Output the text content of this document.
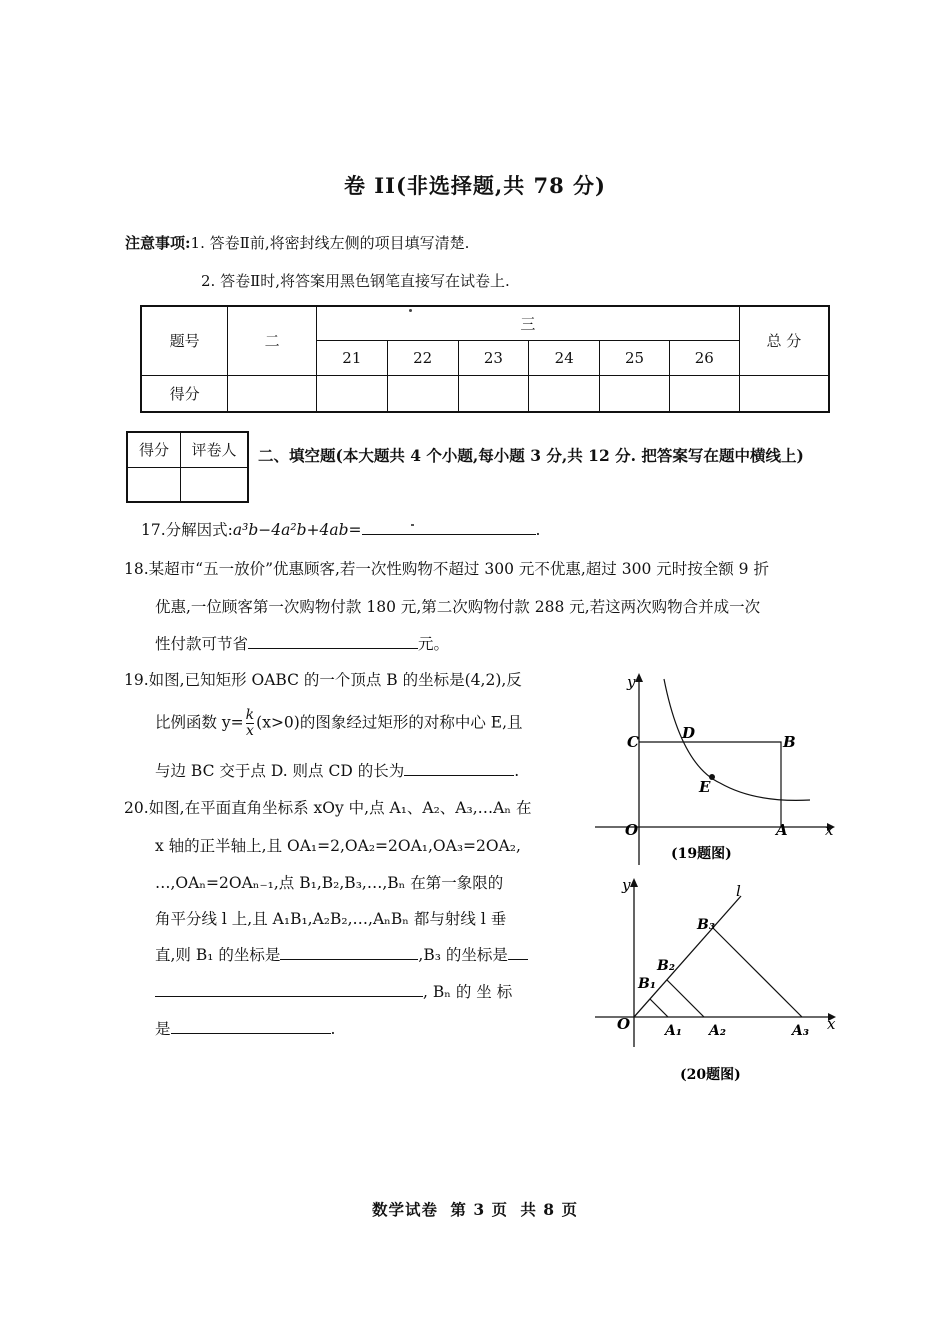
卷 II(非选择题,共 78 分)
注意事项:1. 答卷Ⅱ前,将密封线左侧的项目填写清楚.
2. 答卷Ⅱ时,将答案用黑色钢笔直接写在试卷上.
题号	二	三						总 分
		21	22	23	24	25	26	
得分								
得分	评卷人
	二、填空题(本大题共 4 个小题,每小题 3 分,共 12 分. 把答案写在题中横线上)
17.分解因式:a³b−4a²b+4ab=	.
18.某超市“五一放价”优惠顾客,若一次性购物不超过 300 元不优惠,超过 300 元时按全额 9 折
优惠,一位顾客第一次购物付款 180 元,第二次购物付款 288 元,若这两次购物合并成一次
性付款可节省	元。
19.如图,已知矩形 OABC 的一个顶点 B 的坐标是(4,2),反
比例函数 $y= \frac{k}{x} (x>0)$的图象经过矩形的对称中心 E,且
与边 BC 交于点 D. 则点 CD 的长为	.
20.如图,在平面直角坐标系 xOy 中,点 A₁、A₂、A₃,…Aₙ 在
x 轴的正半轴上,且 OA₁=2,OA₂=2OA₁,OA₃=2OA₂,
…,OAₙ=2OAₙ₋₁,点 B₁,B₂,B₃,…,Bₙ 在第一象限的
角平分线 l 上,且 A₁B₁,A₂B₂,…,AₙBₙ 都与射线 l 垂
直,则 B₁ 的坐标是	,B₃ 的坐标是
, Bₙ 的 坐 标
是	.
y
x
O
C	D	B
E
A
(19题图)
y
x
O
l
B₁
B₂
B₃
A₁ A₂	A₃
(20题图)
数学试卷 第 3 页 共 8 页
